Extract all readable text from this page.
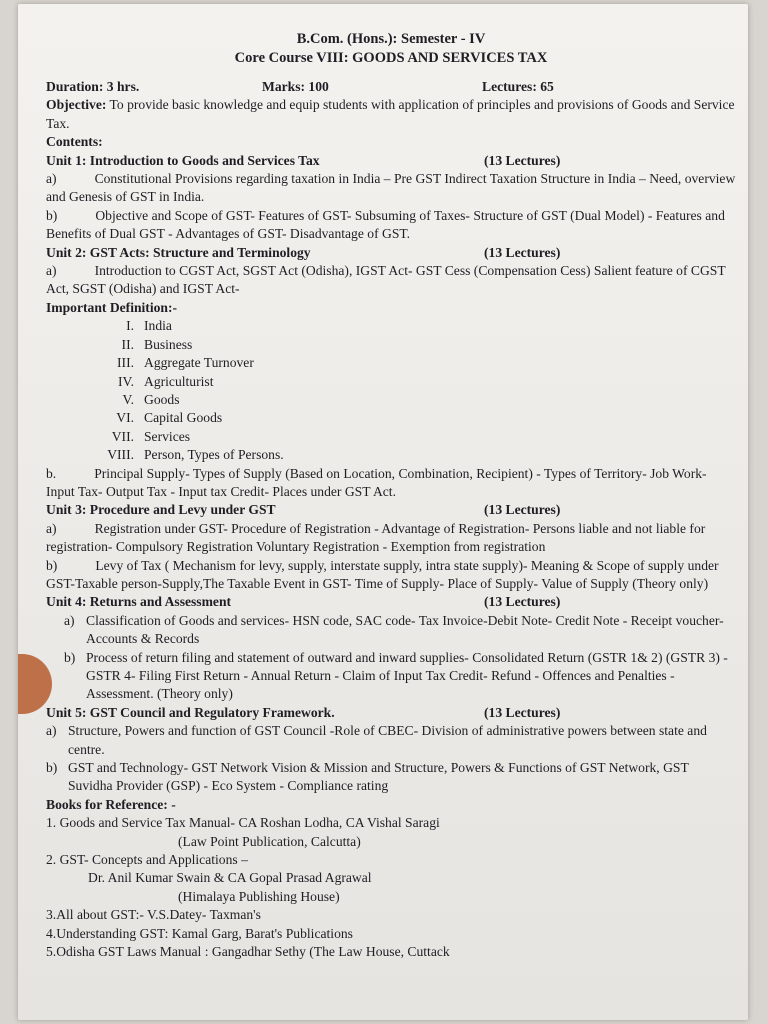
B.Com. (Hons.): Semester - IV
Core Course VIII: GOODS AND SERVICES TAX
Duration: 3 hrs.	Marks: 100	Lectures: 65
Objective: To provide basic knowledge and equip students with application of principles and provisions of Goods and Service Tax.
Contents:
Unit 1: Introduction to Goods and Services Tax	(13 Lectures)
a)	Constitutional Provisions regarding taxation in India – Pre GST Indirect Taxation Structure in India – Need, overview and Genesis of GST in India.
b)	Objective and Scope of GST- Features of GST- Subsuming of Taxes- Structure of GST (Dual Model) - Features and Benefits of Dual GST - Advantages of GST- Disadvantage of GST.
Unit 2: GST Acts: Structure and Terminology	(13 Lectures)
a)	Introduction to CGST Act, SGST Act (Odisha), IGST Act- GST Cess (Compensation Cess) Salient feature of CGST Act, SGST (Odisha) and IGST Act-
Important Definition:-
I. India
II. Business
III. Aggregate Turnover
IV. Agriculturist
V. Goods
VI. Capital Goods
VII. Services
VIII. Person, Types of Persons.
b.	Principal Supply- Types of Supply (Based on Location, Combination, Recipient) - Types of Territory- Job Work- Input Tax- Output Tax - Input tax Credit- Places under GST Act.
Unit 3: Procedure and Levy under GST	(13 Lectures)
a)	Registration under GST- Procedure of Registration - Advantage of Registration- Persons liable and not liable for registration- Compulsory Registration Voluntary Registration - Exemption from registration
b)	Levy of Tax ( Mechanism for levy, supply, interstate supply, intra state supply)- Meaning & Scope of supply under GST-Taxable person-Supply,The Taxable Event in GST- Time of Supply- Place of Supply- Value of Supply (Theory only)
Unit 4: Returns and Assessment	(13 Lectures)
a) Classification of Goods and services- HSN code, SAC code- Tax Invoice-Debit Note- Credit Note - Receipt voucher- Accounts & Records
b) Process of return filing and statement of outward and inward supplies- Consolidated Return (GSTR 1& 2) (GSTR 3) - GSTR 4- Filing First Return - Annual Return - Claim of Input Tax Credit- Refund - Offences and Penalties - Assessment. (Theory only)
Unit 5: GST Council and Regulatory Framework.	(13 Lectures)
a) Structure, Powers and function of GST Council -Role of CBEC- Division of administrative powers between state and centre.
b) GST and Technology- GST Network Vision & Mission and Structure, Powers & Functions of GST Network, GST Suvidha Provider (GSP) - Eco System - Compliance rating
Books for Reference: -
1. Goods and Service Tax Manual- CA Roshan Lodha, CA Vishal Saragi
(Law Point Publication, Calcutta)
2. GST- Concepts and Applications –
Dr. Anil Kumar Swain & CA Gopal Prasad Agrawal
(Himalaya Publishing House)
3.All about GST:- V.S.Datey- Taxman's
4.Understanding GST: Kamal Garg, Barat's Publications
5.Odisha GST Laws Manual : Gangadhar Sethy (The Law House, Cuttack
